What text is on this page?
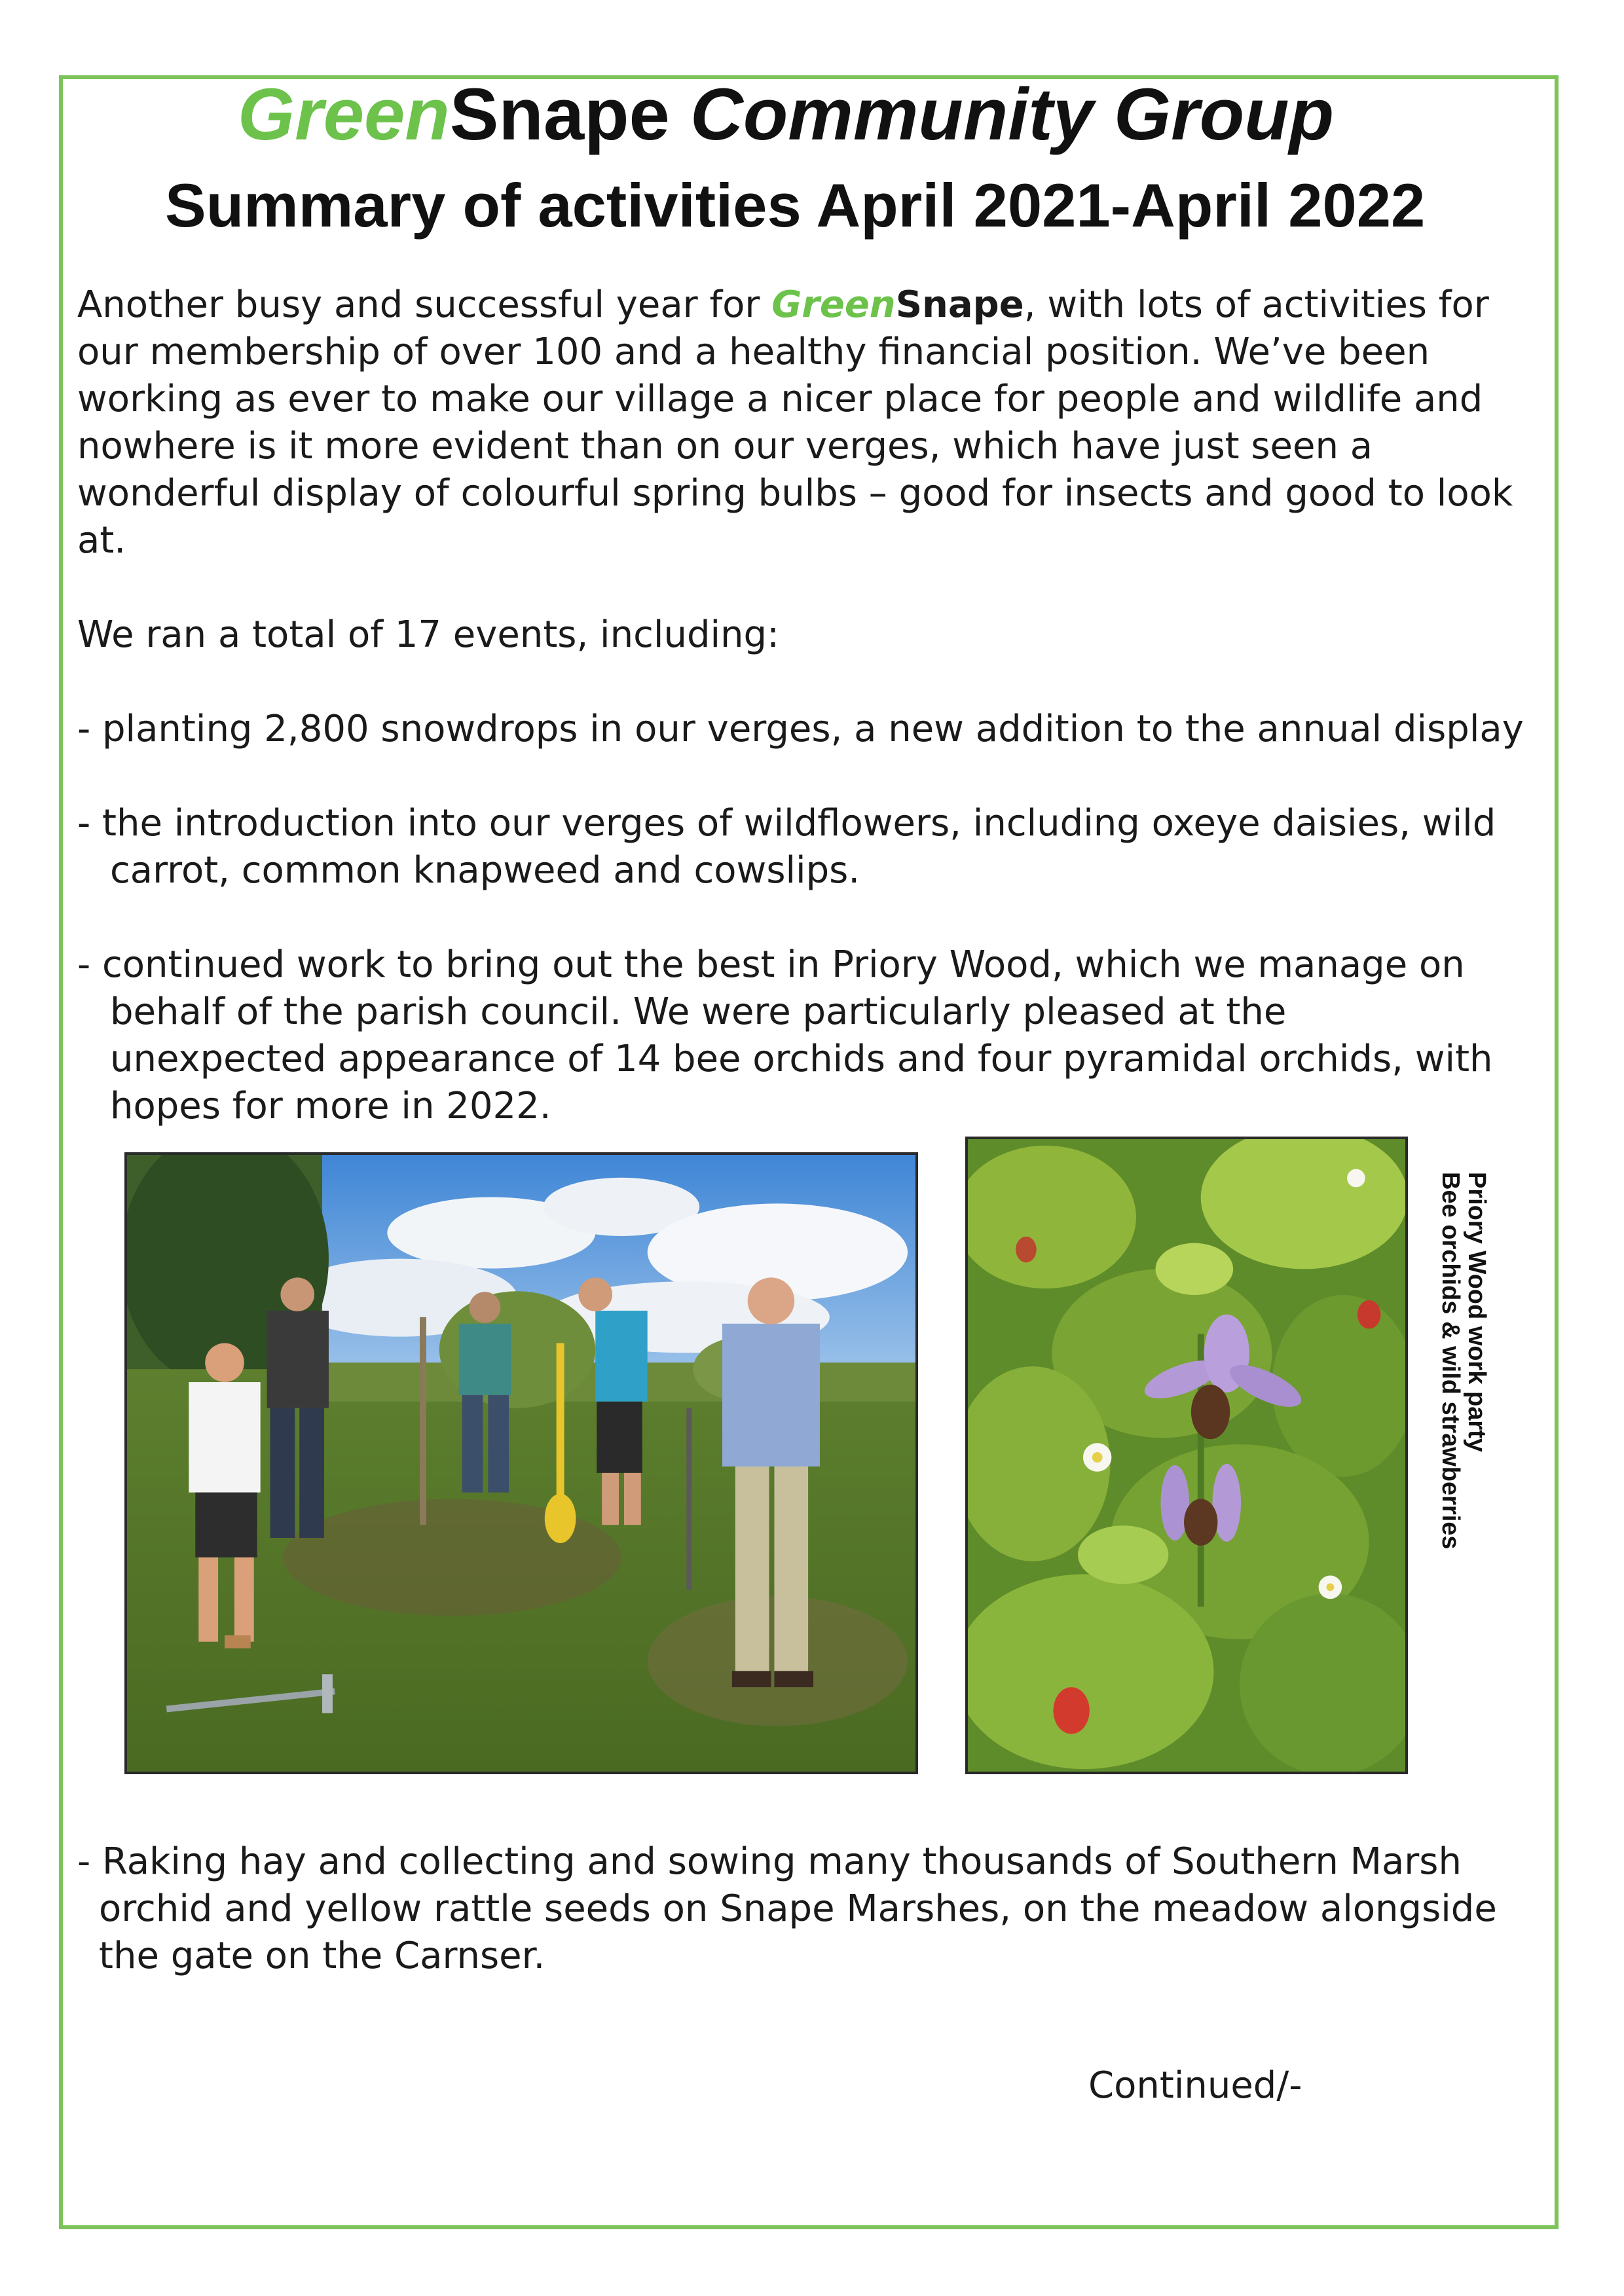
GreenSnape Community Group
Summary of activities April 2021-April 2022
Another busy and successful year for GreenSnape, with lots of activities for our membership of over 100 and a healthy financial position. We’ve been working as ever to make our village a nicer place for people and wildlife and nowhere is it more evident than on our verges, which have just seen a wonderful display of colourful spring bulbs – good for insects and good to look at.
We ran a total of 17 events, including:
- planting 2,800 snowdrops in our verges, a new addition to the annual display
- the introduction into our verges of wildflowers, including oxeye daisies, wild
carrot, common knapweed and cowslips.
- continued work to bring out the best in Priory Wood, which we manage on
behalf of the parish council. We were particularly pleased at the unexpected appearance of 14 bee orchids and four pyramidal orchids, with hopes for more in 2022.
Priory Wood work party
Bee orchids & wild strawberries
- Raking hay and collecting and sowing many thousands of Southern Marsh
orchid and yellow rattle seeds on Snape Marshes, on the meadow alongside the gate on the Carnser.
Continued/-
